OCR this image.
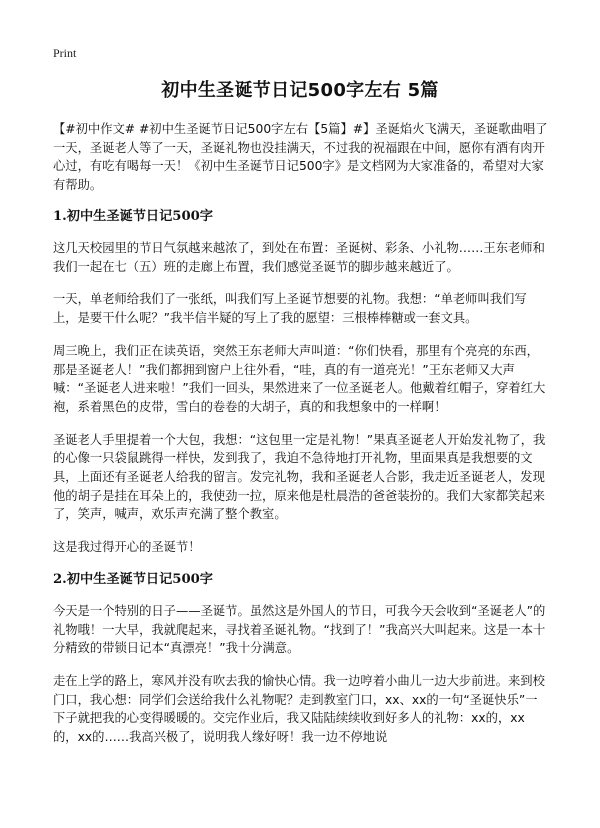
Print
初中生圣诞节日记500字左右 5篇

【#初中作文# #初中生圣诞节日记500字左右【5篇】#】圣诞焰火飞满天，圣诞歌曲唱了一天，圣诞老人等了一天，圣诞礼物也没挂满天，不过我的祝福跟在中间，愿你有酒有肉开心过，有吃有喝每一天！《初中生圣诞节日记500字》是文档网为大家准备的，希望对大家有帮助。

1.初中生圣诞节日记500字

这几天校园里的节日气氛越来越浓了，到处在布置：圣诞树、彩条、小礼物……王东老师和我们一起在七（五）班的走廊上布置，我们感觉圣诞节的脚步越来越近了。

一天，单老师给我们了一张纸，叫我们写上圣诞节想要的礼物。我想：“单老师叫我们写上，是要干什么呢？”我半信半疑的写上了我的愿望：三根棒棒糖或一套文具。

周三晚上，我们正在读英语，突然王东老师大声叫道：“你们快看，那里有个亮亮的东西，那是圣诞老人！”我们都拥到窗户上往外看，“哇，真的有一道亮光！”王东老师又大声喊：“圣诞老人进来啦！”我们一回头，果然进来了一位圣诞老人。他戴着红帽子，穿着红大袍，系着黑色的皮带，雪白的卷卷的大胡子，真的和我想象中的一样啊！

圣诞老人手里提着一个大包，我想：“这包里一定是礼物！”果真圣诞老人开始发礼物了，我的心像一只袋鼠跳得一样快，发到我了，我迫不急待地打开礼物，里面果真是我想要的文具，上面还有圣诞老人给我的留言。发完礼物，我和圣诞老人合影，我走近圣诞老人，发现他的胡子是挂在耳朵上的，我使劲一拉，原来他是杜晨浩的爸爸装扮的。我们大家都笑起来了，笑声，喊声，欢乐声充满了整个教室。

这是我过得开心的圣诞节！

2.初中生圣诞节日记500字

今天是一个特别的日子——圣诞节。虽然这是外国人的节日，可我今天会收到“圣诞老人”的礼物哦！一大早，我就爬起来，寻找着圣诞礼物。“找到了！”我高兴大叫起来。这是一本十分精致的带锁日记本“真漂亮！”我十分满意。

走在上学的路上，寒风并没有吹去我的愉快心情。我一边哼着小曲儿一边大步前进。来到校门口，我心想：同学们会送给我什么礼物呢？走到教室门口，xx、xx的一句“圣诞快乐”一下子就把我的心变得暖暖的。交完作业后，我又陆陆续续收到好多人的礼物：xx的，xx的，xx的……我高兴极了，说明我人缘好呀！我一边不停地说
